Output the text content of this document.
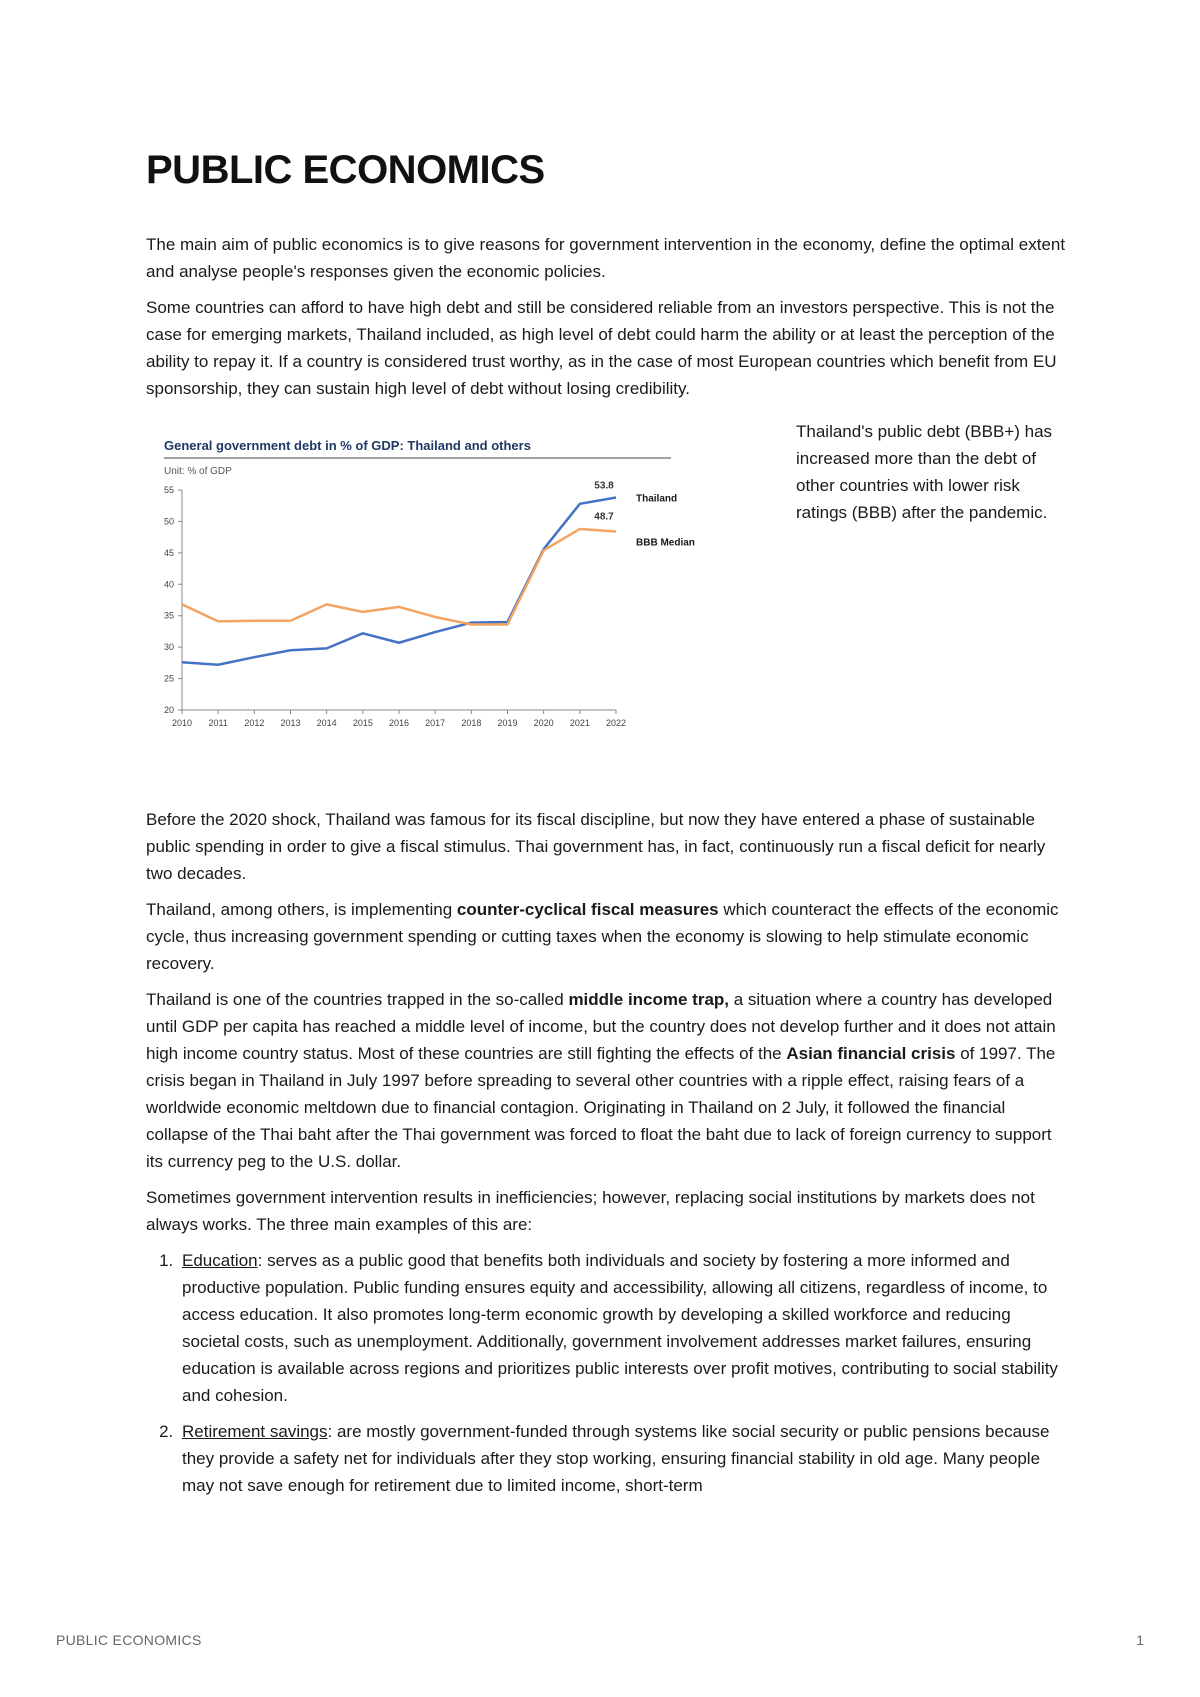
PUBLIC ECONOMICS

The main aim of public economics is to give reasons for government intervention in the economy, define the optimal extent and analyse people's responses given the economic policies.

Some countries can afford to have high debt and still be considered reliable from an investors perspective. This is not the case for emerging markets, Thailand included, as high level of debt could harm the ability or at least the perception of the ability to repay it. If a country is considered trust worthy, as in the case of most European countries which benefit from EU sponsorship, they can sustain high level of debt without losing credibility.

General government debt in % of GDP: Thailand and others
Unit: % of GDP
20
25
30
35
40
45
50
55
2010 2011 2012 2013 2014 2015 2016 2017 2018 2019 2020 2021 2022
Thailand
BBB Median
53.8
48.7
Thailand's public debt (BBB+) has increased more than the debt of other countries with lower risk ratings (BBB) after the pandemic.

Before the 2020 shock, Thailand was famous for its fiscal discipline, but now they have entered a phase of sustainable public spending in order to give a fiscal stimulus. Thai government has, in fact, continuously run a fiscal deficit for nearly two decades.

Thailand, among others, is implementing counter-cyclical fiscal measures which counteract the effects of the economic cycle, thus increasing government spending or cutting taxes when the economy is slowing to help stimulate economic recovery.

Thailand is one of the countries trapped in the so-called middle income trap, a situation where a country has developed until GDP per capita has reached a middle level of income, but the country does not develop further and it does not attain high income country status. Most of these countries are still fighting the effects of the Asian financial crisis of 1997. The crisis began in Thailand in July 1997 before spreading to several other countries with a ripple effect, raising fears of a worldwide economic meltdown due to financial contagion. Originating in Thailand on 2 July, it followed the financial collapse of the Thai baht after the Thai government was forced to float the baht due to lack of foreign currency to support its currency peg to the U.S. dollar.

Sometimes government intervention results in inefficiencies; however, replacing social institutions by markets does not always works. The three main examples of this are:

1. Education: serves as a public good that benefits both individuals and society by fostering a more informed and productive population. Public funding ensures equity and accessibility, allowing all citizens, regardless of income, to access education. It also promotes long-term economic growth by developing a skilled workforce and reducing societal costs, such as unemployment. Additionally, government involvement addresses market failures, ensuring education is available across regions and prioritizes public interests over profit motives, contributing to social stability and cohesion.
2. Retirement savings: are mostly government-funded through systems like social security or public pensions because they provide a safety net for individuals after they stop working, ensuring financial stability in old age. Many people may not save enough for retirement due to limited income, short-term
PUBLIC ECONOMICS	1
